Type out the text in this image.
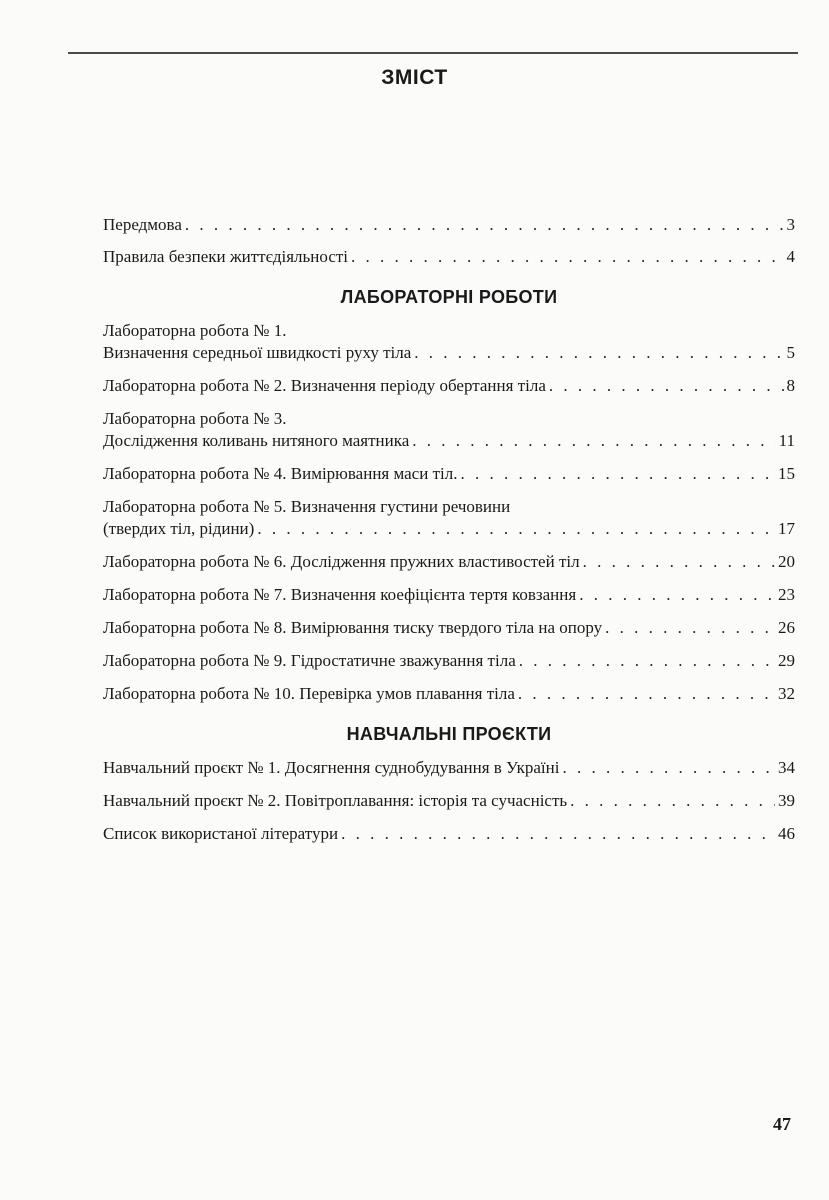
ЗМІСТ
Передмова . . .	3
Правила безпеки життєдіяльності . . .	4
ЛАБОРАТОРНІ РОБОТИ
Лабораторна робота № 1.
Визначення середньої швидкості руху тіла . . .	5
Лабораторна робота № 2. Визначення періоду обертання тіла . . .	8
Лабораторна робота № 3.
Дослідження коливань нитяного маятника . . .	11
Лабораторна робота № 4. Вимірювання маси тіл. . . .	15
Лабораторна робота № 5. Визначення густини речовини
(твердих тіл, рідини) . . .	17
Лабораторна робота № 6. Дослідження пружних властивостей тіл . . .	20
Лабораторна робота № 7. Визначення коефіцієнта тертя ковзання . . .	23
Лабораторна робота № 8. Вимірювання тиску твердого тіла на опору . . .	26
Лабораторна робота № 9. Гідростатичне зважування тіла . . .	29
Лабораторна робота № 10. Перевірка умов плавання тіла . . .	32
НАВЧАЛЬНІ ПРОЄКТИ
Навчальний проєкт № 1. Досягнення суднобудування в Україні . . .	34
Навчальний проєкт № 2. Повітроплавання: історія та сучасність . . .	39
Список використаної літератури . . .	46
47
